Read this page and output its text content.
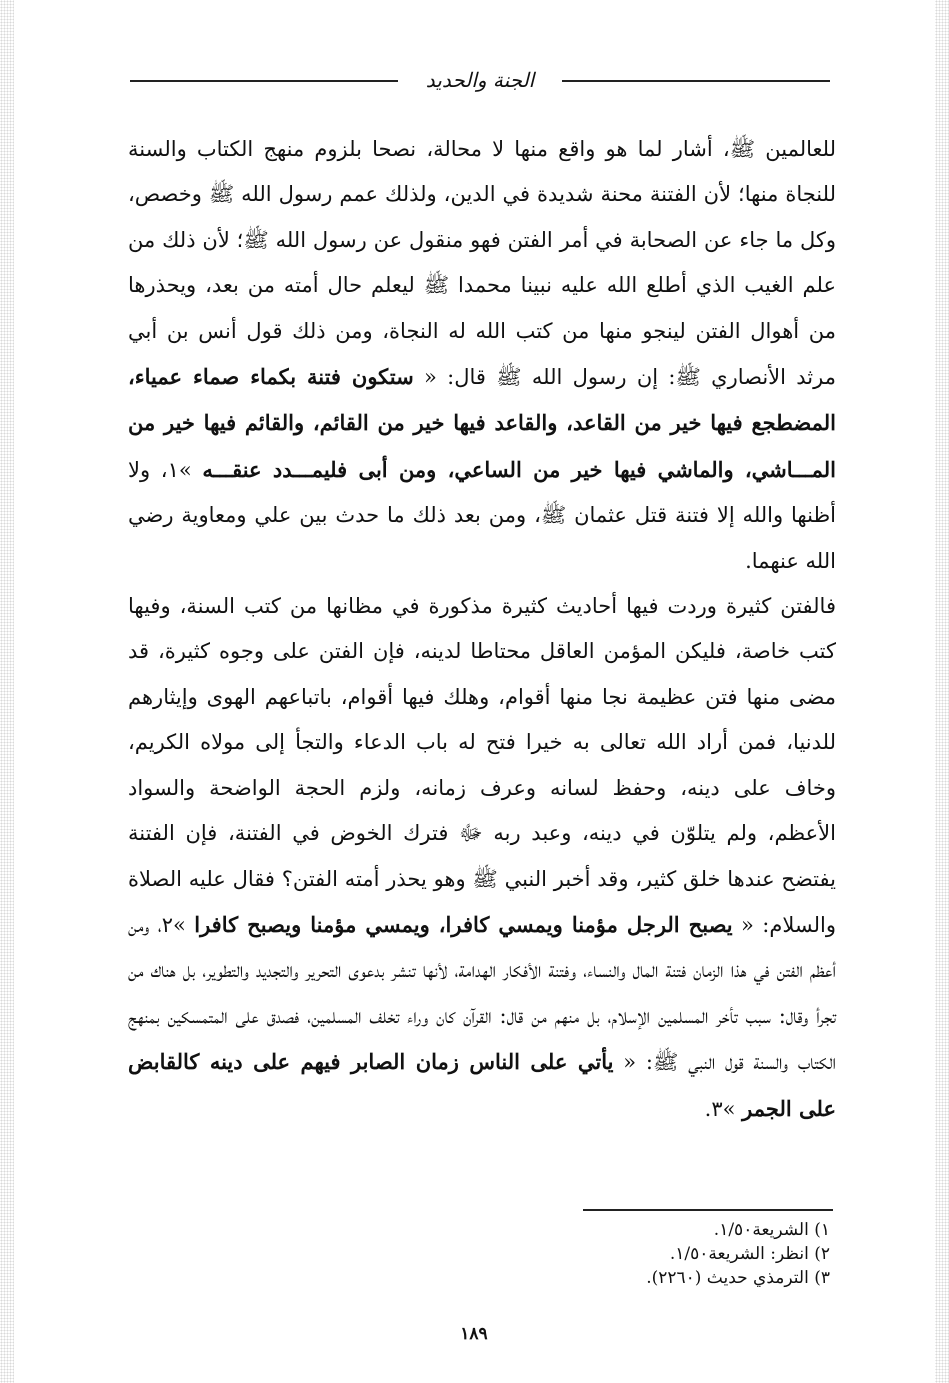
الجنة والحديد

للعالمين ﷺ، أشار لما هو واقع منها لا محالة، نصحا بلزوم منهج الكتاب والسنة للنجاة منها؛ لأن الفتنة محنة شديدة في الدين، ولذلك عمم رسول الله ﷺ وخصص، وكل ما جاء عن الصحابة في أمر الفتن فهو منقول عن رسول الله ﷺ؛ لأن ذلك من علم الغيب الذي أطلع الله عليه نبينا محمدا ﷺ ليعلم حال أمته من بعد، ويحذرها من أهوال الفتن لينجو منها من كتب الله له النجاة، ومن ذلك قول أنس بن أبي مرثد الأنصاري ﷺ: إن رسول الله ﷺ قال: « ستكون فتنة بكماء صماء عمياء، المضطجع فيها خير من القاعد، والقاعد فيها خير من القائم، والقائم فيها خير من المـــاشي، والماشي فيها خير من الساعي، ومن أبى فليمـــدد عنقـــه »١، ولا أظنها والله إلا فتنة قتل عثمان ﷺ، ومن بعد ذلك ما حدث بين علي ومعاوية رضي الله عنهما.

فالفتن كثيرة وردت فيها أحاديث كثيرة مذكورة في مظانها من كتب السنة، وفيها كتب خاصة، فليكن المؤمن العاقل محتاطا لدينه، فإن الفتن على وجوه كثيرة، قد مضى منها فتن عظيمة نجا منها أقوام، وهلك فيها أقوام، باتباعهم الهوى وإيثارهم للدنيا، فمن أراد الله تعالى به خيرا فتح له باب الدعاء والتجأ إلى مولاه الكريم، وخاف على دينه، وحفظ لسانه وعرف زمانه، ولزم الحجة الواضحة والسواد الأعظم، ولم يتلوّن في دينه، وعبد ربه ﷻ فترك الخوض في الفتنة، فإن الفتنة يفتضح عندها خلق كثير، وقد أخبر النبي ﷺ وهو يحذر أمته الفتن؟ فقال عليه الصلاة والسلام: « يصبح الرجل مؤمنا ويمسي كافرا، ويمسي مؤمنا ويصبح كافرا »٢، ومن أعظم الفتن في هذا الزمان فتنة المال والنساء، وفتنة الأفكار الهدامة، لأنها تنشر بدعوى التحرير والتجديد والتطوير، بل هناك من تجرأ وقال: سبب تأخر المسلمين الإسلام، بل منهم من قال: القرآن كان وراء تخلف المسلمين، فصدق على المتمسكين بمنهج الكتاب والسنة قول النبي ﷺ: « يأتي على الناس زمان الصابر فيهم على دينه كالقابض على الجمر »٣.

١) الشريعة١/٥٠.
٢) انظر: الشريعة١/٥٠.
٣) الترمذي حديث (٢٢٦٠).
١٨٩
